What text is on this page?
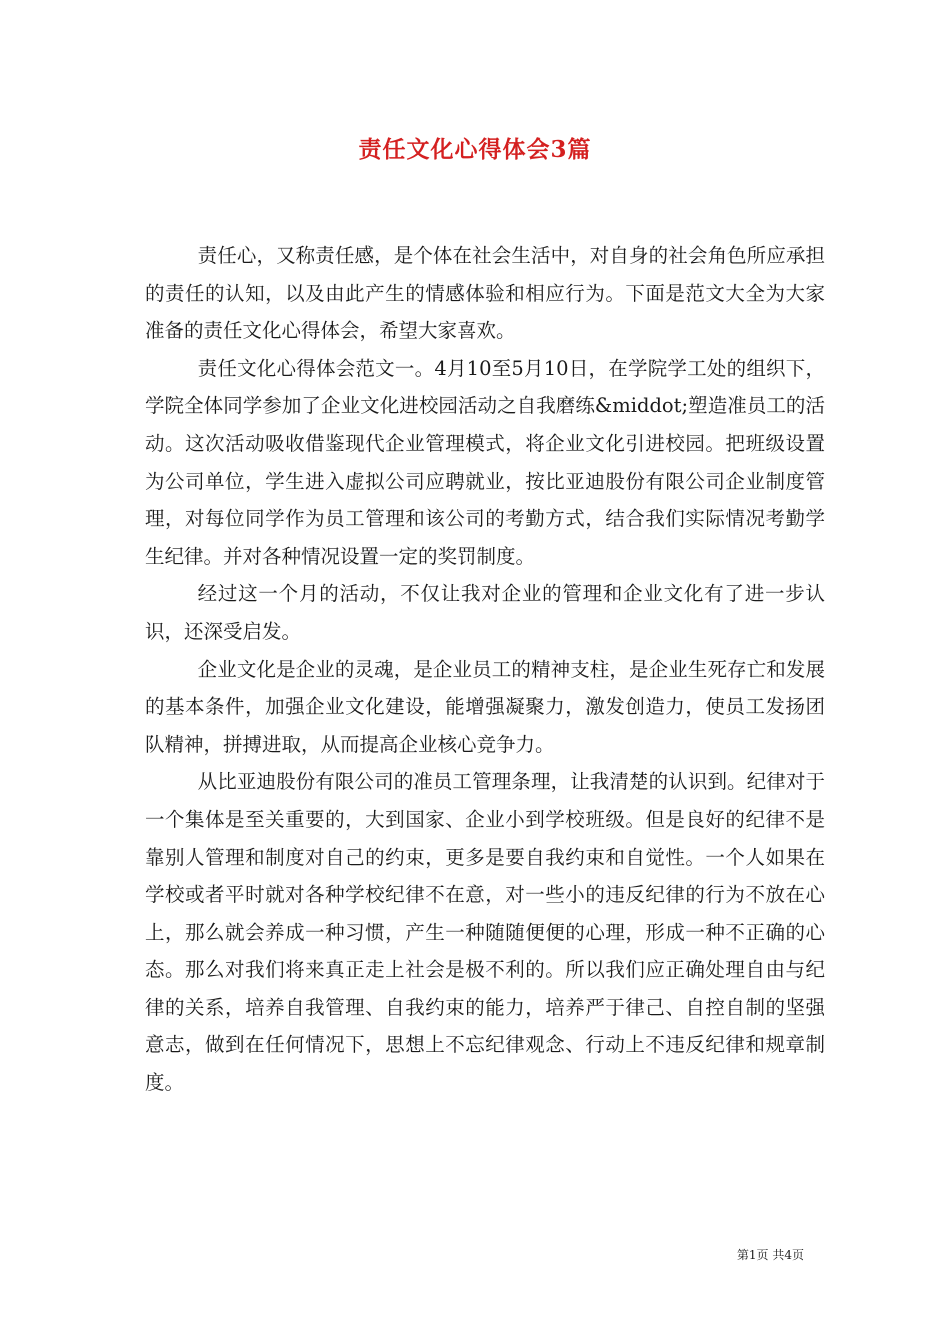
责任文化心得体会3篇

责任心，又称责任感，是个体在社会生活中，对自身的社会角色所应承担的责任的认知，以及由此产生的情感体验和相应行为。下面是范文大全为大家准备的责任文化心得体会，希望大家喜欢。

责任文化心得体会范文一。4月10至5月10日，在学院学工处的组织下，学院全体同学参加了企业文化进校园活动之自我磨练&middot;塑造准员工的活动。这次活动吸收借鉴现代企业管理模式，将企业文化引进校园。把班级设置为公司单位，学生进入虚拟公司应聘就业，按比亚迪股份有限公司企业制度管理，对每位同学作为员工管理和该公司的考勤方式，结合我们实际情况考勤学生纪律。并对各种情况设置一定的奖罚制度。

经过这一个月的活动，不仅让我对企业的管理和企业文化有了进一步认识，还深受启发。

企业文化是企业的灵魂，是企业员工的精神支柱，是企业生死存亡和发展的基本条件，加强企业文化建设，能增强凝聚力，激发创造力，使员工发扬团队精神，拼搏进取，从而提高企业核心竞争力。

从比亚迪股份有限公司的准员工管理条理，让我清楚的认识到。纪律对于一个集体是至关重要的，大到国家、企业小到学校班级。但是良好的纪律不是靠别人管理和制度对自己的约束，更多是要自我约束和自觉性。一个人如果在学校或者平时就对各种学校纪律不在意，对一些小的违反纪律的行为不放在心上，那么就会养成一种习惯，产生一种随随便便的心理，形成一种不正确的心态。那么对我们将来真正走上社会是极不利的。所以我们应正确处理自由与纪律的关系，培养自我管理、自我约束的能力，培养严于律己、自控自制的坚强意志，做到在任何情况下，思想上不忘纪律观念、行动上不违反纪律和规章制度。

第1页 共4页
